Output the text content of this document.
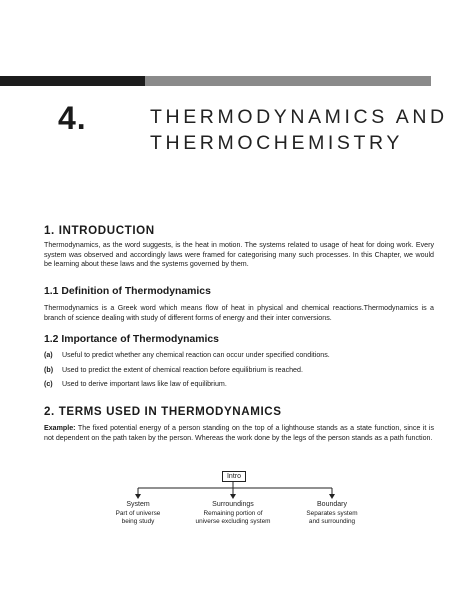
4.	THERMODYNAMICS AND
THERMOCHEMISTRY
1. INTRODUCTION
Thermodynamics, as the word suggests, is the heat in motion. The systems related to usage of heat for doing work. Every system was observed and accordingly laws were framed for categorising many such processes. In this Chapter, we would be learning about these laws and the systems governed by them.
1.1 Definition of Thermodynamics
Thermodynamics is a Greek word which means flow of heat in physical and chemical reactions.Thermodynamics is a branch of science dealing with study of different forms of energy and their inter conversions.
1.2 Importance of Thermodynamics
(a) Useful to predict whether any chemical reaction can occur under specified conditions.
(b) Used to predict the extent of chemical reaction before equilibrium is reached.
(c) Used to derive important laws like law of equilibrium.
2. TERMS USED IN THERMODYNAMICS
Example: The fixed potential energy of a person standing on the top of a lighthouse stands as a state function, since it is not dependent on the path taken by the person. Whereas the work done by the legs of the person stands as a path function.
Intro
System
Part of universe
being study
Surroundings
Remaining portion of
universe excluding system
Boundary
Separates system
and surrounding
